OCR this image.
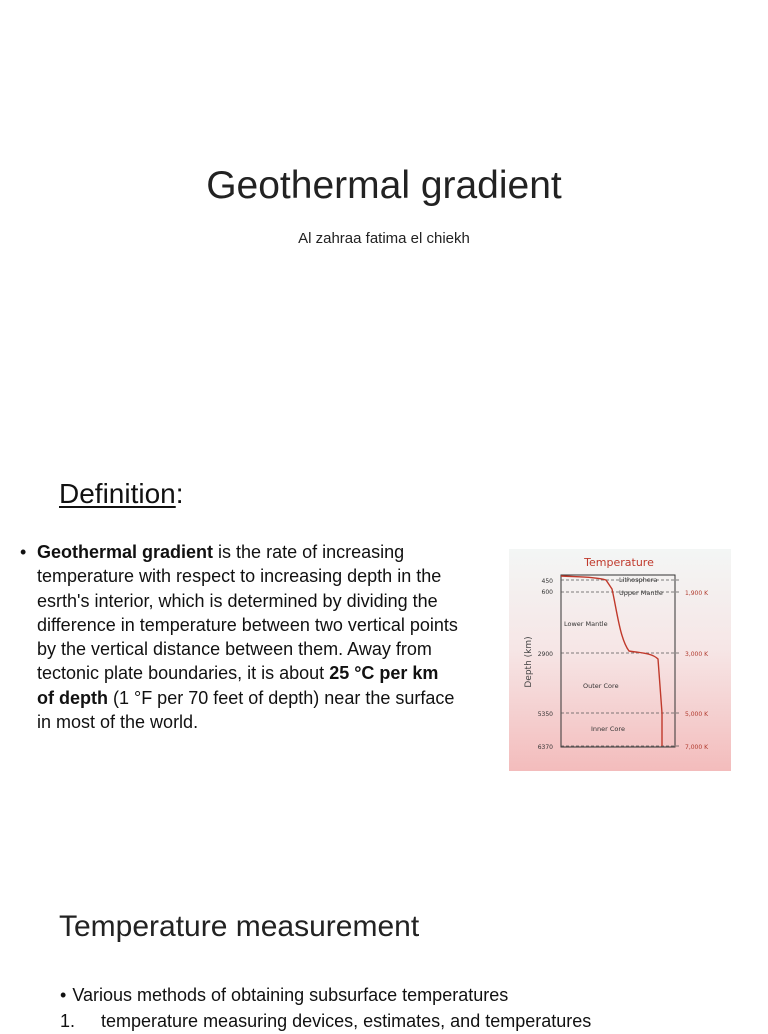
Geothermal gradient
Al zahraa fatima el chiekh
Definition:
• Geothermal gradient is the rate of increasing temperature with respect to increasing depth in the esrth's interior, which is determined by dividing the difference in temperature between two vertical points by the vertical distance between them. Away from tectonic plate boundaries, it is about 25 °C per km of depth (1 °F per 70 feet of depth) near the surface in most of the world.

Temperature
Depth (km)
450
600
2900
5350
6370
Lithosphera
Upper Mantle
Lower Mantle
Outer Core
Inner Core
1,900 K
3,000 K
5,000 K
7,000 K
Temperature measurement
• Various methods of obtaining subsurface temperatures
1. temperature measuring devices, estimates, and temperatures
